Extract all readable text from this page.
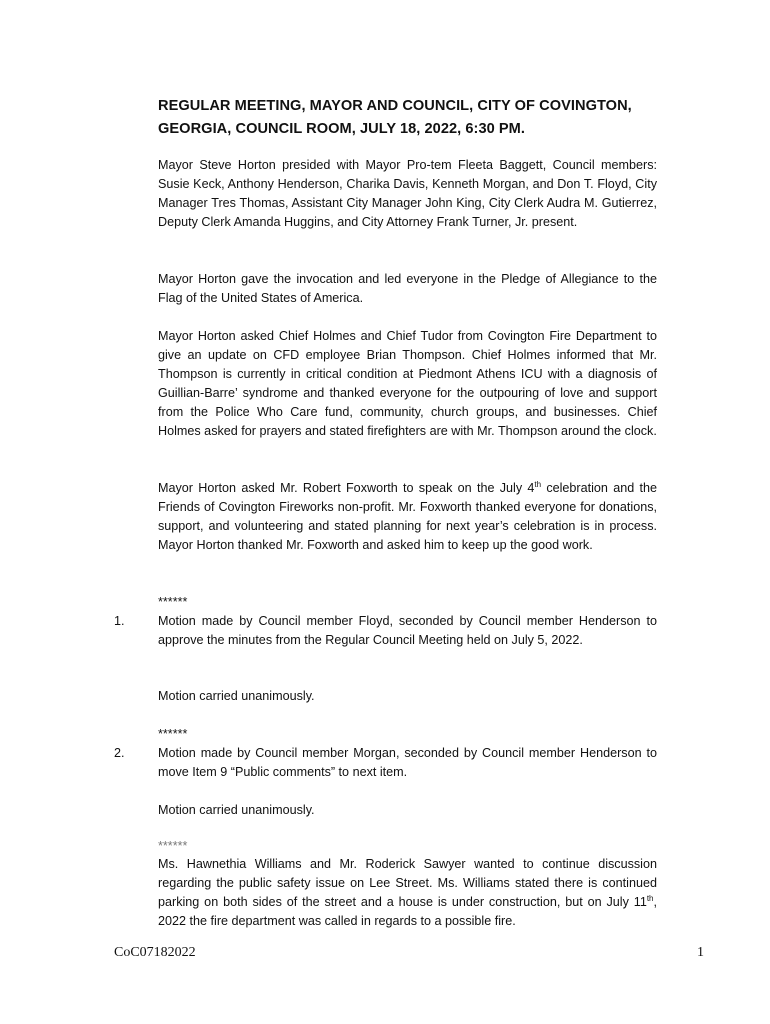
REGULAR MEETING, MAYOR AND COUNCIL, CITY OF COVINGTON, GEORGIA, COUNCIL ROOM, JULY 18, 2022, 6:30 PM.

Mayor Steve Horton presided with Mayor Pro-tem Fleeta Baggett, Council members: Susie Keck, Anthony Henderson, Charika Davis, Kenneth Morgan, and Don T. Floyd, City Manager Tres Thomas, Assistant City Manager John King, City Clerk Audra M. Gutierrez, Deputy Clerk Amanda Huggins, and City Attorney Frank Turner, Jr. present.

Mayor Horton gave the invocation and led everyone in the Pledge of Allegiance to the Flag of the United States of America.

Mayor Horton asked Chief Holmes and Chief Tudor from Covington Fire Department to give an update on CFD employee Brian Thompson. Chief Holmes informed that Mr. Thompson is currently in critical condition at Piedmont Athens ICU with a diagnosis of Guillian-Barre’ syndrome and thanked everyone for the outpouring of love and support from the Police Who Care fund, community, church groups, and businesses. Chief Holmes asked for prayers and stated firefighters are with Mr. Thompson around the clock.

Mayor Horton asked Mr. Robert Foxworth to speak on the July 4th celebration and the Friends of Covington Fireworks non-profit. Mr. Foxworth thanked everyone for donations, support, and volunteering and stated planning for next year’s celebration is in process. Mayor Horton thanked Mr. Foxworth and asked him to keep up the good work.

******
1.	Motion made by Council member Floyd, seconded by Council member Henderson to approve the minutes from the Regular Council Meeting held on July 5, 2022.

Motion carried unanimously.

******
2.	Motion made by Council member Morgan, seconded by Council member Henderson to move Item 9 “Public comments” to next item.

Motion carried unanimously.

******

Ms. Hawnethia Williams and Mr. Roderick Sawyer wanted to continue discussion regarding the public safety issue on Lee Street. Ms. Williams stated there is continued parking on both sides of the street and a house is under construction, but on July 11th, 2022 the fire department was called in regards to a possible fire.

CoC07182022	1
